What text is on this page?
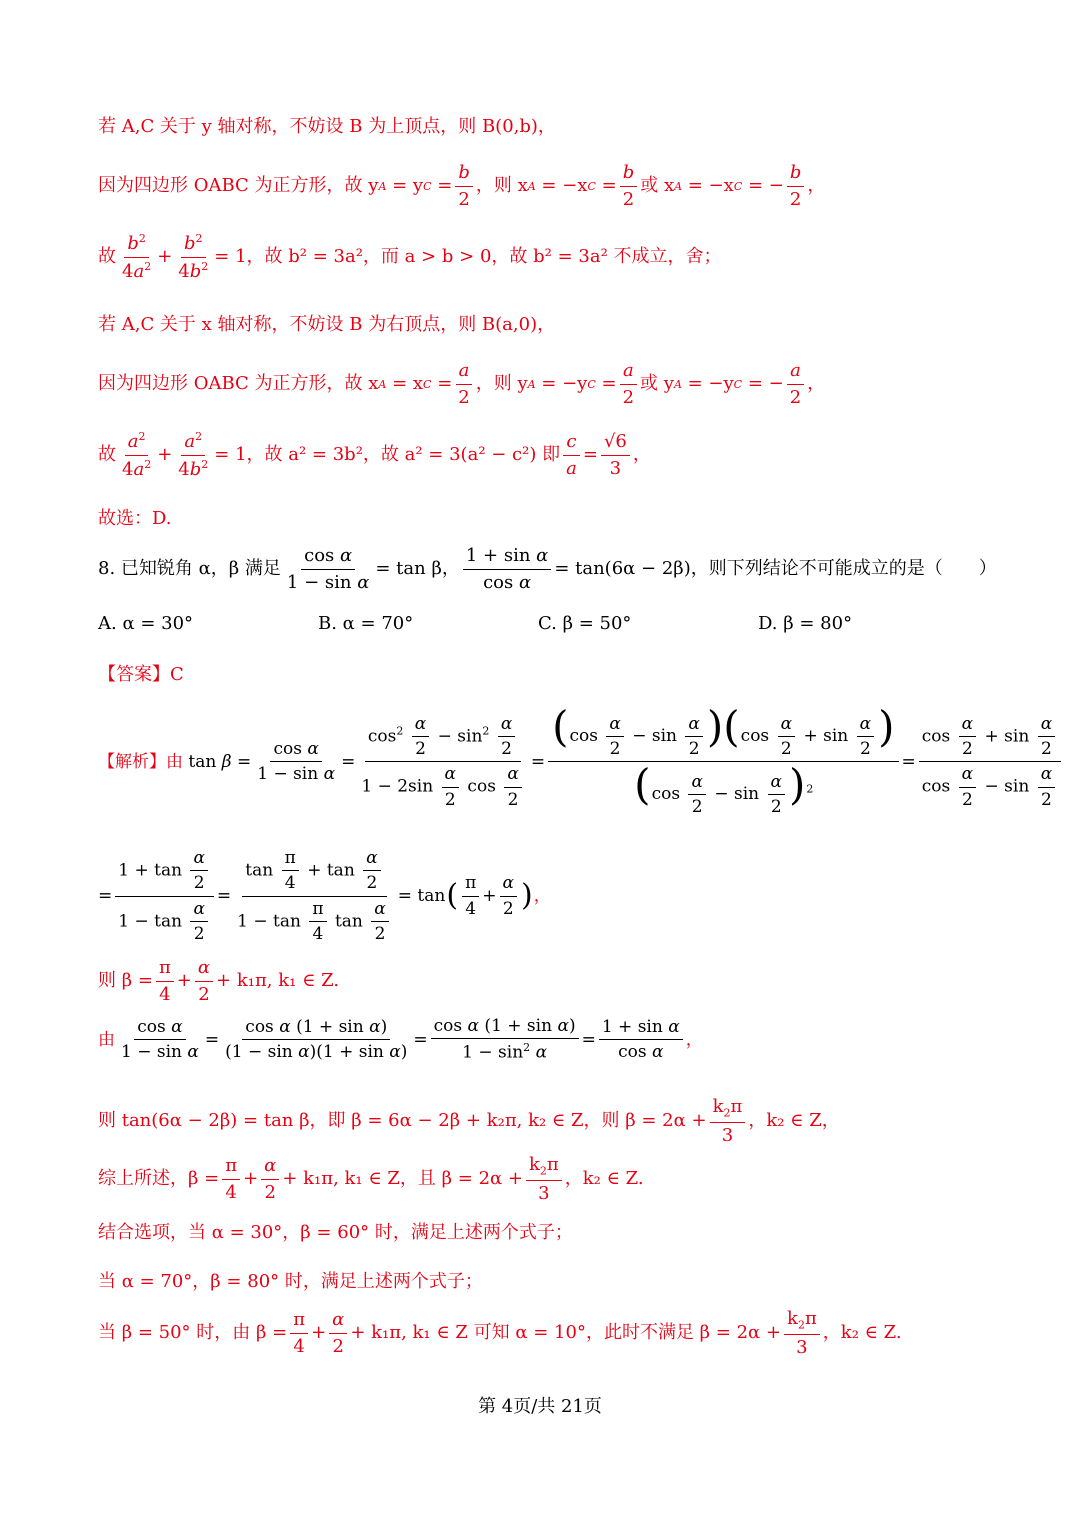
若 A,C 关于 y 轴对称，不妨设 B 为上顶点，则 B(0,b)，
因为四边形 OABC 为正方形，故 y A = y $C = \frac{b}{2}$ ，则 x A = −x $C = \frac{b}{2}$ 或 x A = −x C = − $\frac{b}{2}$ ，
故 $\frac{b^2}{4a^2} + \frac{b^2}{4b^2} = 1$ ，故 b² = 3a²，而 a > b > 0，故 b² = 3a² 不成立，舍；
若 A,C 关于 x 轴对称，不妨设 B 为右顶点，则 B(a,0)，
因为四边形 OABC 为正方形，故 x A = x $C = \frac{a}{2}$ ，则 y A = −y $C = \frac{a}{2}$ 或 y A = −y C = − $\frac{a}{2}$ ，
故 $\frac{a^2}{4a^2} + \frac{a^2}{4b^2} = 1$ ，故 a² = 3b²，故 a² = 3(a² − c²) 即 $\frac{c}{a} = \frac{√6}{3}$ ，
故选：D.
8. 已知锐角 α，β 满足 $\frac{\text{cos α}}{\text{1 − sin α}} = \tan \beta$， $\frac{\text{1 + sin α}}{\text{cos α}} = \tan(6\alpha - 2\beta)$，则下列结论不可能成立的是（　　）
A. α = 30°	B. α = 70°	C. β = 50°	D. β = 80°
【答案】C
【解析】 由 $\tan \beta = \frac{\text{cos α}}{\text{1 − sin α}} = \frac{\cos^2 \frac{\alpha}{2} - \sin^2 \frac{\alpha}{2}}{1 - 2\sin \frac{\alpha}{2} \cos \frac{\alpha}{2}} = \frac{(\cos \frac{\alpha}{2} - \sin \frac{\alpha}{2} )(\cos \frac{\alpha}{2} + \sin \frac{\alpha}{2} )}{(\cos \frac{\alpha}{2} - \sin \frac{\alpha}{2} )^2} = \frac{\cos \frac{\alpha}{2} + \sin \frac{\alpha}{2}}{\cos \frac{\alpha}{2} - \sin \frac{\alpha}{2}}$
= $\frac{1 + \tan \frac{\alpha}{2}}{1 - \tan \frac{\alpha}{2}} = \frac{\tan \frac{\pi}{4} + \tan \frac{\alpha}{2}}{1 - \tan \frac{\pi}{4} \tan \frac{\alpha}{2}} = \tan$ ( $\frac{\pi}{4} + \frac{\alpha}{2}$ ) ，
则 $\beta = \frac{\pi}{4} + \frac{\alpha}{2} + k_1\pi$, k₁ ∈ Z.
由 $\frac{\text{cos α}}{\text{1 − sin α}} = \frac{\text{cos α (1 + sin α)}}{\text{(1 − sin α)(1 + sin α)}} = \frac{\text{cos α (1 + sin α)}}{1 - \sin^2 \alpha} = \frac{\text{1 + sin α}}{\text{cos α}}$ ，
则 tan(6α − 2β) = tan β，即 β = 6α − 2β + k₂π, k₂ ∈ Z，则 $\beta = 2\alpha + \frac{k_2\pi}{3}$ ，k₂ ∈ Z，
综上所述，$\beta = \frac{\pi}{4} + \frac{\alpha}{2} + k_1\pi$, k₁ ∈ Z，且 $\beta = 2\alpha + \frac{k_2\pi}{3}$ ，k₂ ∈ Z.
结合选项，当 α = 30°，β = 60° 时，满足上述两个式子；
当 α = 70°，β = 80° 时，满足上述两个式子；
当 β = 50° 时，由 $\beta = \frac{\pi}{4} + \frac{\alpha}{2} + k_1\pi$, k₁ ∈ Z 可知 α = 10°，此时不满足 $\beta = 2\alpha + \frac{k_2\pi}{3}$ ，k₂ ∈ Z.
第 4页/共 21页
